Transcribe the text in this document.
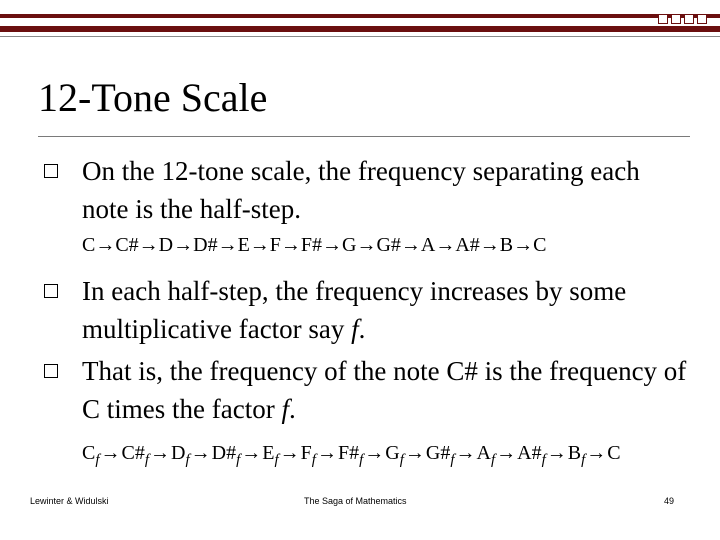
12-Tone Scale
On the 12-tone scale, the frequency separating each note is the half-step.
C→C#→D→D#→E→F→F#→G→G#→A→A#→B→C
In each half-step, the frequency increases by some multiplicative factor say f.
That is, the frequency of the note C# is the frequency of C times the factor f.
$C_f\to C\#_f\to D_f\to D\#_f\to E_f\to F_f\to F\#_f\to G_f\to G\#_f\to A_f\to A\#_f\to B_f\to C$
Lewinter & Widulski	The Saga of Mathematics	49
